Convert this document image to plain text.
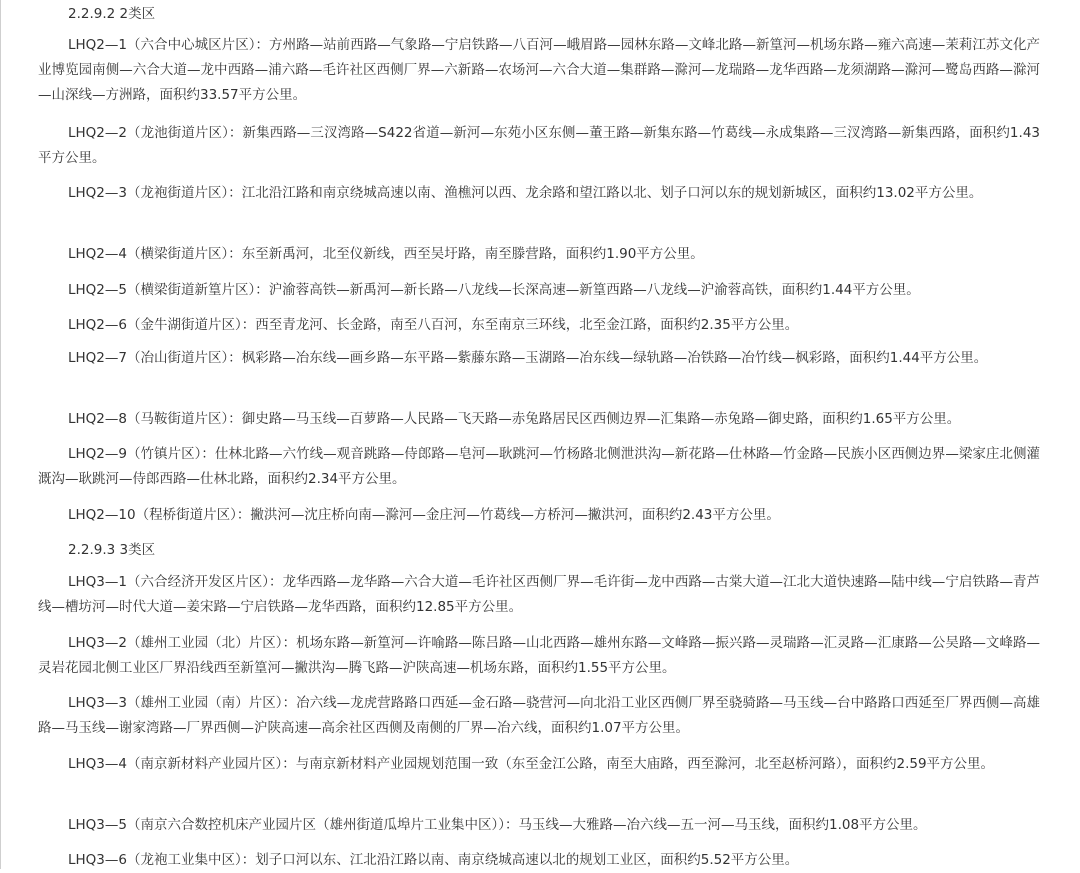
2.2.9.2 2类区

LHQ2—1（六合中心城区片区）：方州路—站前西路—气象路—宁启铁路—八百河—峨眉路—园林东路—文峰北路—新篁河—机场东路—雍六高速—茉莉江苏文化产业博览园南侧—六合大道—龙中西路—浦六路—毛许社区西侧厂界—六新路—农场河—六合大道—集群路—滁河—龙瑞路—龙华西路—龙须湖路—滁河—鹭岛西路—滁河—山深线—方洲路，面积约33.57平方公里。

LHQ2—2（龙池街道片区）：新集西路—三汊湾路—S422省道—新河—东苑小区东侧—董王路—新集东路—竹葛线—永成集路—三汊湾路—新集西路，面积约1.43平方公里。

LHQ2—3（龙袍街道片区）：江北沿江路和南京绕城高速以南、渔樵河以西、龙余路和望江路以北、划子口河以东的规划新城区，面积约13.02平方公里。

LHQ2—4（横梁街道片区）：东至新禹河，北至仪新线，西至吴圩路，南至滕营路，面积约1.90平方公里。

LHQ2—5（横梁街道新篁片区）：沪渝蓉高铁—新禹河—新长路—八龙线—长深高速—新篁西路—八龙线—沪渝蓉高铁，面积约1.44平方公里。

LHQ2—6（金牛湖街道片区）：西至青龙河、长金路，南至八百河，东至南京三环线，北至金江路，面积约2.35平方公里。

LHQ2—7（冶山街道片区）：枫彩路—冶东线—画乡路—东平路—紫藤东路—玉湖路—冶东线—绿轨路—冶铁路—冶竹线—枫彩路，面积约1.44平方公里。

LHQ2—8（马鞍街道片区）：御史路—马玉线—百萝路—人民路—飞天路—赤兔路居民区西侧边界—汇集路—赤兔路—御史路，面积约1.65平方公里。

LHQ2—9（竹镇片区）：仕林北路—六竹线—观音跳路—侍郎路—皂河—耿跳河—竹杨路北侧泄洪沟—新花路—仕林路—竹金路—民族小区西侧边界—梁家庄北侧灌溉沟—耿跳河—侍郎西路—仕林北路，面积约2.34平方公里。

LHQ2—10（程桥街道片区）：撇洪河—沈庄桥向南—滁河—金庄河—竹葛线—方桥河—撇洪河，面积约2.43平方公里。

2.2.9.3 3类区

LHQ3—1（六合经济开发区片区）：龙华西路—龙华路—六合大道—毛许社区西侧厂界—毛许街—龙中西路—古棠大道—江北大道快速路—陆中线—宁启铁路—青芦线—槽坊河—时代大道—姜宋路—宁启铁路—龙华西路，面积约12.85平方公里。

LHQ3—2（雄州工业园（北）片区）：机场东路—新篁河—许喻路—陈吕路—山北西路—雄州东路—文峰路—振兴路—灵瑞路—汇灵路—汇康路—公吴路—文峰路—灵岩花园北侧工业区厂界沿线西至新篁河—撇洪沟—腾飞路—沪陕高速—机场东路，面积约1.55平方公里。

LHQ3—3（雄州工业园（南）片区）：冶六线—龙虎营路路口西延—金石路—骁营河—向北沿工业区西侧厂界至骁骑路—马玉线—台中路路口西延至厂界西侧—高雄路—马玉线—谢家湾路—厂界西侧—沪陕高速—高余社区西侧及南侧的厂界—冶六线，面积约1.07平方公里。

LHQ3—4（南京新材料产业园片区）：与南京新材料产业园规划范围一致（东至金江公路，南至大庙路，西至滁河，北至赵桥河路），面积约2.59平方公里。

LHQ3—5（南京六合数控机床产业园片区（雄州街道瓜埠片工业集中区））：马玉线—大雅路—冶六线—五一河—马玉线，面积约1.08平方公里。

LHQ3—6（龙袍工业集中区）：划子口河以东、江北沿江路以南、南京绕城高速以北的规划工业区，面积约5.52平方公里。
